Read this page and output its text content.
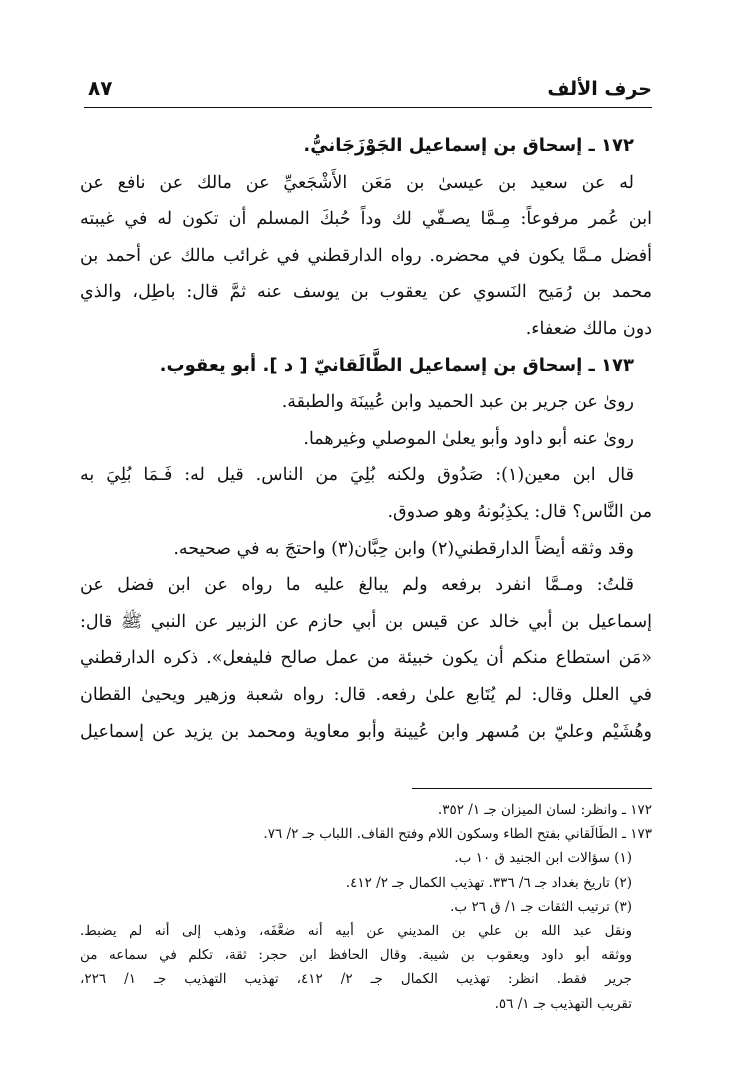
حرف الألف
٨٧
١٧٢ ـ إسحاق بن إسماعيل الجَوْزَجَانيُّ.
له عن سعيد بن عيسىٰ بن مَعَن الأَشْجَعيِّ عن مالك عن نافع عن
ابن عُمر مرفوعاً: مِـمَّا يصـفّي لك وداً حُبكَ المسلم أن تكون له في غيبته
أفضل مـمَّا يكون في محضره. رواه الدارقطني في غرائب مالك عن أحمد بن
محمد بن رُمَيح النَسوي عن يعقوب بن يوسف عنه ثمَّ قال: باطِل، والذي
دون مالك ضعفاء.
١٧٣ ـ إسحاق بن إسماعيل الطَّالَقانيّ [ د ]. أبو يعقوب.
روىٰ عن جرير بن عبد الحميد وابن عُيينَة والطبقة.
روىٰ عنه أبو داود وأبو يعلىٰ الموصلي وغيرهما.
قال ابن معين(١): صَدُوق ولكنه بُلِيَ من الناس. قيل له: فَـمَا بُلِيَ به
من النَّاس؟ قال: يكذِبُونهُ وهو صدوق.
وقد وثقه أيضاً الدارقطني(٢) وابن حِبَّان(٣) واحتجَ به في صحيحه.
قلتُ: ومـمَّا انفرد برفعه ولم يبالغ عليه ما رواه عن ابن فضل عن
إسماعيل بن أبي خالد عن قيس بن أبي حازم عن الزبير عن النبي ﷺ قال:
«مَن استطاع منكم أن يكون خبيئة من عمل صالح فليفعل». ذكره الدارقطني
في العلل وقال: لم يُتَابع علىٰ رفعه. قال: رواه شعبة وزهير ويحيىٰ القطان
وهُشَيْم وعليّ بن مُسهر وابن عُيينة وأبو معاوية ومحمد بن يزيد عن إسماعيل
١٧٢ ـ وانظر: لسان الميزان جـ ١/ ٣٥٢.
١٧٣ ـ الطَالَقاني بفتح الطاء وسكون اللام وفتح القاف. اللباب جـ ٢/ ٧٦.
(١) سؤالات ابن الجنيد ق ١٠ ب.
(٢) تاريخ بغداد جـ ٦/ ٣٣٦. تهذيب الكمال جـ ٢/ ٤١٢.
(٣) ترتيب الثقات جـ ١/ ق ٢٦ ب.
ونقل عبد الله بن علي بن المديني عن أبيه أنه ضعَّفَه، وذهب إلى أنه لم يضبط.
ووثقه أبو داود ويعقوب بن شيبة. وقال الحافظ ابن حجر: ثقة، تكلم في سماعه من
جرير فقط. انظر: تهذيب الكمال جـ ٢/ ٤١٢، تهذيب التهذيب جـ ١/ ٢٢٦،
تقريب التهذيب جـ ١/ ٥٦.
